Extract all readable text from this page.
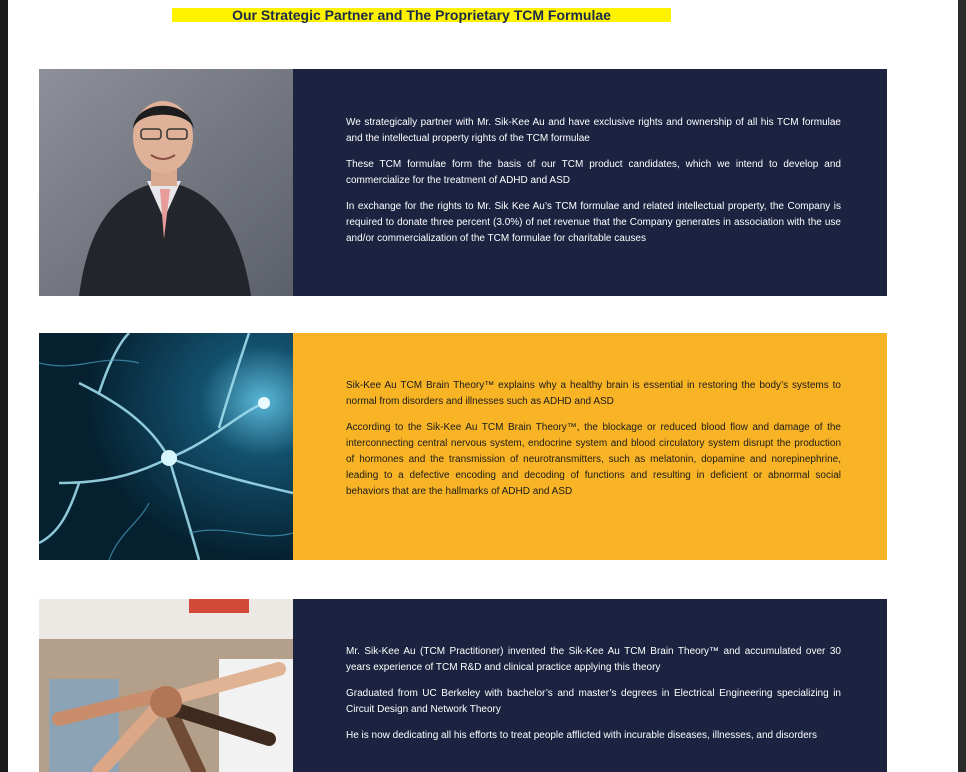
Our Strategic Partner and The Proprietary TCM Formulae

We strategically partner with Mr. Sik-Kee Au and have exclusive rights and ownership of all his TCM formulae and the intellectual property rights of the TCM formulae

These TCM formulae form the basis of our TCM product candidates, which we intend to develop and commercialize for the treatment of ADHD and ASD

In exchange for the rights to Mr. Sik Kee Au’s TCM formulae and related intellectual property, the Company is required to donate three percent (3.0%) of net revenue that the Company generates in association with the use and/or commercialization of the TCM formulae for charitable causes

Sik-Kee Au TCM Brain Theory™ explains why a healthy brain is essential in restoring the body’s systems to normal from disorders and illnesses such as ADHD and ASD

According to the Sik-Kee Au TCM Brain Theory™, the blockage or reduced blood flow and damage of the interconnecting central nervous system, endocrine system and blood circulatory system disrupt the production of hormones and the transmission of neurotransmitters, such as melatonin, dopamine and norepinephrine, leading to a defective encoding and decoding of functions and resulting in deficient or abnormal social behaviors that are the hallmarks of ADHD and ASD

Mr. Sik-Kee Au (TCM Practitioner) invented the Sik-Kee Au TCM Brain Theory™ and accumulated over 30 years experience of TCM R&D and clinical practice applying this theory

Graduated from UC Berkeley with bachelor’s and master’s degrees in Electrical Engineering specializing in Circuit Design and Network Theory

He is now dedicating all his efforts to treat people afflicted with incurable diseases, illnesses, and disorders
